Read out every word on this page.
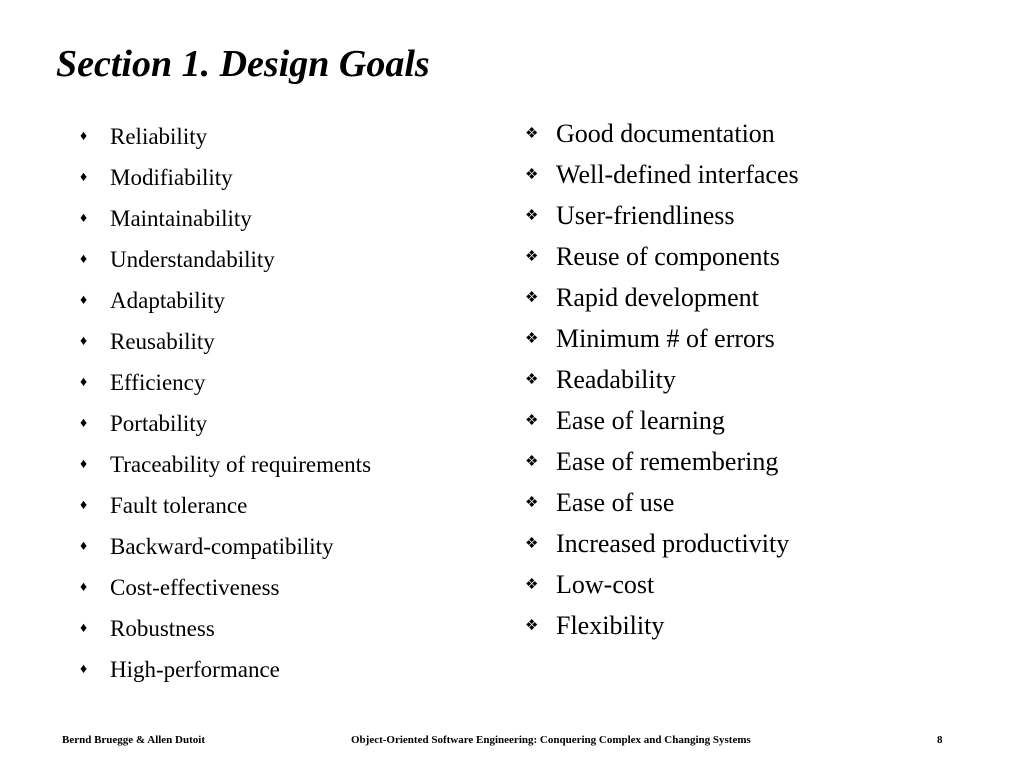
Section 1. Design Goals
♦ Reliability
♦ Modifiability
♦ Maintainability
♦ Understandability
♦ Adaptability
♦ Reusability
♦ Efficiency
♦ Portability
♦ Traceability of requirements
♦ Fault tolerance
♦ Backward-compatibility
♦ Cost-effectiveness
♦ Robustness
♦ High-performance
❖ Good documentation
❖ Well-defined interfaces
❖ User-friendliness
❖ Reuse of components
❖ Rapid development
❖ Minimum # of errors
❖ Readability
❖ Ease of learning
❖ Ease of remembering
❖ Ease of use
❖ Increased productivity
❖ Low-cost
❖ Flexibility
Bernd Bruegge & Allen Dutoit	Object-Oriented Software Engineering: Conquering Complex and Changing Systems	8
